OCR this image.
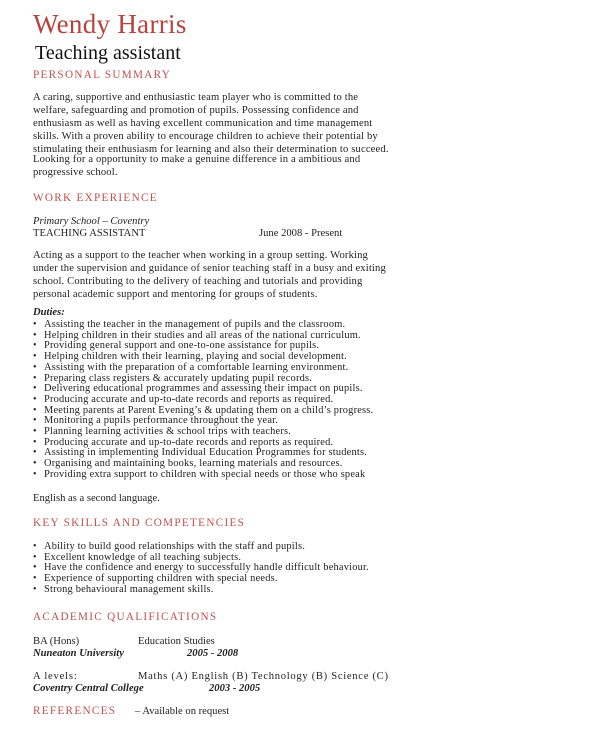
Wendy Harris
Teaching assistant
PERSONAL SUMMARY
A caring, supportive and enthusiastic team player who is committed to the
welfare, safeguarding and promotion of pupils. Possessing confidence and
enthusiasm as well as having excellent communication and time management
skills. With a proven ability to encourage children to achieve their potential by
stimulating their enthusiasm for learning and also their determination to succeed.
Looking for a opportunity to make a genuine difference in a ambitious and
progressive school.
WORK EXPERIENCE
Primary School – Coventry
TEACHING ASSISTANT	June 2008 - Present
Acting as a support to the teacher when working in a group setting. Working
under the supervision and guidance of senior teaching staff in a busy and exiting
school. Contributing to the delivery of teaching and tutorials and providing
personal academic support and mentoring for groups of students.
Duties:
• Assisting the teacher in the management of pupils and the classroom.
• Helping children in their studies and all areas of the national curriculum.
• Providing general support and one-to-one assistance for pupils.
• Helping children with their learning, playing and social development.
• Assisting with the preparation of a comfortable learning environment.
• Preparing class registers & accurately updating pupil records.
• Delivering educational programmes and assessing their impact on pupils.
• Producing accurate and up-to-date records and reports as required.
• Meeting parents at Parent Evening’s & updating them on a child’s progress.
• Monitoring a pupils performance throughout the year.
• Planning learning activities & school trips with teachers.
• Producing accurate and up-to-date records and reports as required.
• Assisting in implementing Individual Education Programmes for students.
• Organising and maintaining books, learning materials and resources.
• Providing extra support to children with special needs or those who speak
English as a second language.
KEY SKILLS AND COMPETENCIES
• Ability to build good relationships with the staff and pupils.
• Excellent knowledge of all teaching subjects.
• Have the confidence and energy to successfully handle difficult behaviour.
• Experience of supporting children with special needs.
• Strong behavioural management skills.
ACADEMIC QUALIFICATIONS
BA (Hons)	Education Studies
Nuneaton University	2005 - 2008
A levels:	Maths (A) English (B) Technology (B) Science (C)
Coventry Central College	2003 - 2005
REFERENCES – Available on request
